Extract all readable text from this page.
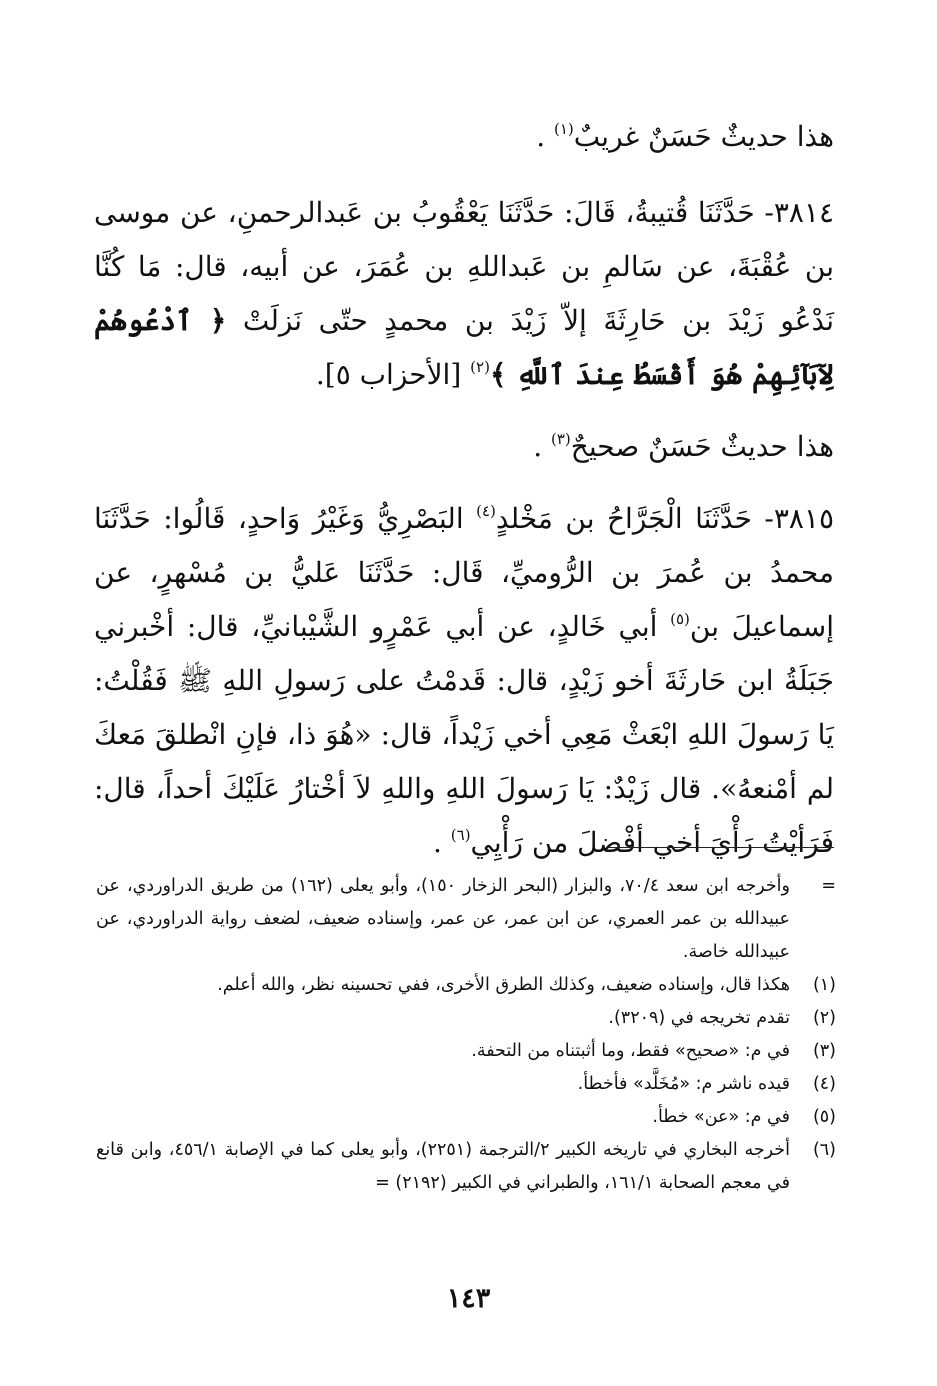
هذا حديثٌ حَسَنٌ غريبٌ$^{(١)}$ .

٣٨١٤- حَدَّثَنَا قُتيبةُ، قَالَ: حَدَّثَنَا يَعْقُوبُ بن عَبدالرحمنِ، عن موسى بن عُقْبَةَ، عن سَالمِ بن عَبداللهِ بن عُمَرَ، عن أبيه، قال: مَا كُنَّا نَدْعُو زَيْدَ بن حَارِثَةَ إلاّ زَيْدَ بن محمدٍ حتّى نَزلَتْ ﴿ ٱدْعُوهُمْ لِآبَآئِهِمْ هُوَ أَقْسَطُ عِندَ ٱللَّهِ ﴾$^{(٢)}$ [الأحزاب ٥].

هذا حديثٌ حَسَنٌ صحيحٌ$^{(٣)}$ .

٣٨١٥- حَدَّثَنَا الْجَرَّاحُ بن مَخْلدٍ$^{(٤)}$ البَصْرِيُّ وَغَيْرُ وَاحدٍ، قَالُوا: حَدَّثَنَا محمدُ بن عُمرَ بن الرُّوميِّ، قَال: حَدَّثَنَا عَليُّ بن مُسْهرٍ، عن إسماعيلَ بن$^{(٥)}$ أبي خَالدٍ، عن أبي عَمْرٍو الشَّيْبانيِّ، قال: أخْبرني جَبَلَةُ ابن حَارثَةَ أخو زَيْدٍ، قال: قَدمْتُ على رَسولِ اللهِ ﷺ فَقُلْتُ: يَا رَسولَ اللهِ ابْعَثْ مَعِي أخي زَيْداً، قال: «هُوَ ذا، فإنِ انْطلقَ مَعكَ لم أمْنعهُ». قال زَيْدٌ: يَا رَسولَ اللهِ واللهِ لاَ أخْتارُ عَلَيْكَ أحداً، قال: فَرَأيْتُ رَأْيَ أخي أفْضلَ من رَأْيِي$^{(٦)}$ .

=
وأخرجه ابن سعد ٧٠/٤، والبزار (البحر الزخار ١٥٠)، وأبو يعلى (١٦٢) من طريق الدراوردي، عن عبيدالله بن عمر العمري، عن ابن عمر، عن عمر، وإسناده ضعيف، لضعف رواية الدراوردي، عن عبيدالله خاصة.
(١)
هكذا قال، وإسناده ضعيف، وكذلك الطرق الأخرى، ففي تحسينه نظر، والله أعلم.
(٢)
تقدم تخريجه في (٣٢٠٩).
(٣)
في م: «صحيح» فقط، وما أثبتناه من التحفة.
(٤)
قيده ناشر م: «مُخَلَّد» فأخطأ.
(٥)
في م: «عن» خطأ.
(٦)
أخرجه البخاري في تاريخه الكبير ٢/الترجمة (٢٢٥١)، وأبو يعلى كما في الإصابة ٤٥٦/١، وابن قانع في معجم الصحابة ١٦١/١، والطبراني في الكبير (٢١٩٢) =
١٤٣
